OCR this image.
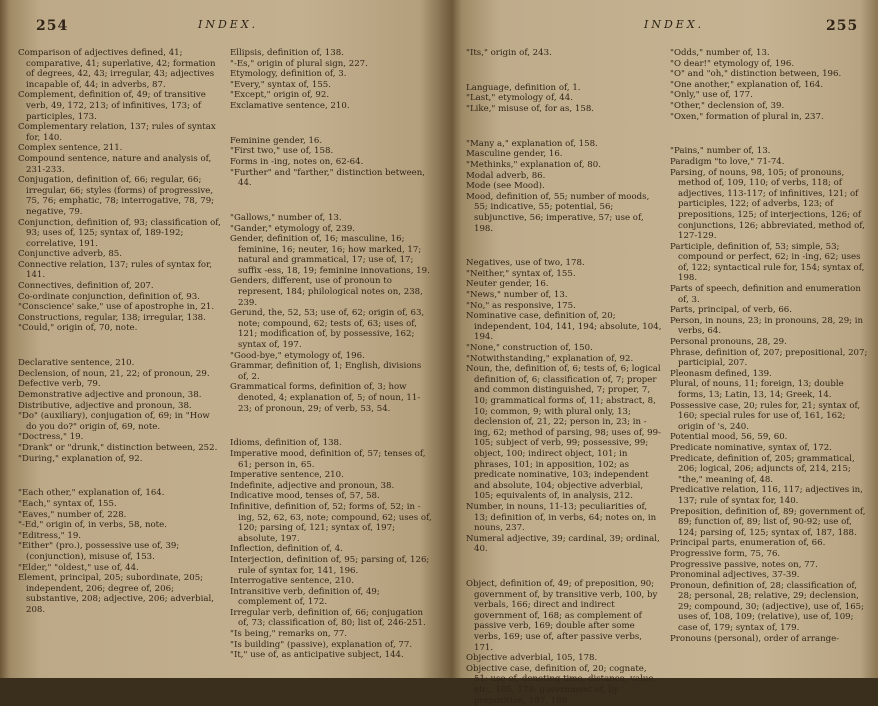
254	INDEX.

Comparison of adjectives defined, 41; comparative, 41; superlative, 42; formation of degrees, 42, 43; irregular, 43; adjectives incapable of, 44; in adverbs, 87.

Complement, definition of, 49; of transitive verb, 49, 172, 213; of infinitives, 173; of participles, 173.

Complementary relation, 137; rules of syntax for, 140.

Complex sentence, 211.

Compound sentence, nature and analysis of, 231-233.

Conjugation, definition of, 66; regular, 66; irregular, 66; styles (forms) of progressive, 75, 76; emphatic, 78; interrogative, 78, 79; negative, 79.

Conjunction, definition of, 93; classification of, 93; uses of, 125; syntax of, 189-192; correlative, 191.

Conjunctive adverb, 85.

Connective relation, 137; rules of syntax for, 141.

Connectives, definition of, 207.

Co-ordinate conjunction, definition of, 93.

"Conscience' sake," use of apostrophe in, 21.

Constructions, regular, 138; irregular, 138.

"Could," origin of, 70, note.

Declarative sentence, 210.

Declension, of noun, 21, 22; of pronoun, 29.

Defective verb, 79.

Demonstrative adjective and pronoun, 38.

Distributive, adjective and pronoun, 38.

"Do" (auxiliary), conjugation of, 69; in "How do you do?" origin of, 69, note.

"Doctress," 19.

"Drank" or "drunk," distinction between, 252.

"During," explanation of, 92.

"Each other," explanation of, 164.

"Each," syntax of, 155.

"Eaves," number of, 228.

"-Ed," origin of, in verbs, 58, note.

"Editress," 19.

"Either" (pro.), possessive use of, 39; (conjunction), misuse of, 153.

"Elder," "oldest," use of, 44.

Element, principal, 205; subordinate, 205; independent, 206; degree of, 206; substantive, 208; adjective, 206; adverbial, 208.

Ellipsis, definition of, 138.

"-Es," origin of plural sign, 227.

Etymology, definition of, 3.

"Every," syntax of, 155.

"Except," origin of, 92.

Exclamative sentence, 210.

Feminine gender, 16.

"First two," use of, 158.

Forms in -ing, notes on, 62-64.

"Further" and "farther," distinction between, 44.

"Gallows," number of, 13.

"Gander," etymology of, 239.

Gender, definition of, 16; masculine, 16; feminine, 16; neuter, 16; how marked, 17; natural and grammatical, 17; use of, 17; suffix -ess, 18, 19; feminine innovations, 19.

Genders, different, use of pronoun to represent, 184; philological notes on, 238, 239.

Gerund, the, 52, 53; use of, 62; origin of, 63, note; compound, 62; tests of, 63; uses of, 121; modification of, by possessive, 162; syntax of, 197.

"Good-bye," etymology of, 196.

Grammar, definition of, 1; English, divisions of, 2.

Grammatical forms, definition of, 3; how denoted, 4; explanation of, 5; of noun, 11-23; of pronoun, 29; of verb, 53, 54.

Idioms, definition of, 138.

Imperative mood, definition of, 57; tenses of, 61; person in, 65.

Imperative sentence, 210.

Indefinite, adjective and pronoun, 38.

Indicative mood, tenses of, 57, 58.

Infinitive, definition of, 52; forms of, 52; in -ing, 52, 62, 63, note; compound, 62; uses of, 120; parsing of, 121; syntax of, 197; absolute, 197.

Inflection, definition of, 4.

Interjection, definition of, 95; parsing of, 126; rule of syntax for, 141, 196.

Interrogative sentence, 210.

Intransitive verb, definition of, 49; complement of, 172.

Irregular verb, definition of, 66; conjugation of, 73; classification of, 80; list of, 246-251.

"Is being," remarks on, 77.

"Is building" (passive), explanation of, 77.

"It," use of, as anticipative subject, 144.

INDEX.	255

"Its," origin of, 243.

Language, definition of, 1.

"Last," etymology of, 44.

"Like," misuse of, for as, 158.

"Many a," explanation of, 158.

Masculine gender, 16.

"Methinks," explanation of, 80.

Modal adverb, 86.

Mode (see Mood).

Mood, definition of, 55; number of moods, 55; indicative, 55; potential, 56; subjunctive, 56; imperative, 57; use of, 198.

Negatives, use of two, 178.

"Neither," syntax of, 155.

Neuter gender, 16.

"News," number of, 13.

"No," as responsive, 175.

Nominative case, definition of, 20; independent, 104, 141, 194; absolute, 104, 194.

"None," construction of, 150.

"Notwithstanding," explanation of, 92.

Noun, the, definition of, 6; tests of, 6; logical definition of, 6; classification of, 7; proper and common distinguished, 7; proper, 7, 10; grammatical forms of, 11; abstract, 8, 10; common, 9; with plural only, 13; declension of, 21, 22; person in, 23; in -ing, 62; method of parsing, 98; uses of, 99-105; subject of verb, 99; possessive, 99; object, 100; indirect object, 101; in phrases, 101; in apposition, 102; as predicate nominative, 103; independent and absolute, 104; objective adverbial, 105; equivalents of, in analysis, 212.

Number, in nouns, 11-13; peculiarities of, 13; definition of, in verbs, 64; notes on, in nouns, 237.

Numeral adjective, 39; cardinal, 39; ordinal, 40.

Object, definition of, 49; of preposition, 90; government of, by transitive verb, 100, by verbals, 166; direct and indirect government of, 168; as complement of passive verb, 169; double after some verbs, 169; use of, after passive verbs, 171.

Objective adverbial, 105, 178.

Objective case, definition of, 20; cognate, 51; use of, denoting time, distance, value, etc., 105, 178; government of, by preposition, 187, 188.

"Odds," number of, 13.

"O dear!" etymology of, 196.

"O" and "oh," distinction between, 196.

"One another," explanation of, 164.

"Only," use of, 177.

"Other," declension of, 39.

"Oxen," formation of plural in, 237.

"Pains," number of, 13.

Paradigm "to love," 71-74.

Parsing, of nouns, 98, 105; of pronouns, method of, 109, 110; of verbs, 118; of adjectives, 113-117; of infinitives, 121; of participles, 122; of adverbs, 123; of prepositions, 125; of interjections, 126; of conjunctions, 126; abbreviated, method of, 127-129.

Participle, definition of, 53; simple, 53; compound or perfect, 62; in -ing, 62; uses of, 122; syntactical rule for, 154; syntax of, 198.

Parts of speech, definition and enumeration of, 3.

Parts, principal, of verb, 66.

Person, in nouns, 23; in pronouns, 28, 29; in verbs, 64.

Personal pronouns, 28, 29.

Phrase, definition of, 207; prepositional, 207; participial, 207.

Pleonasm defined, 139.

Plural, of nouns, 11; foreign, 13; double forms, 13; Latin, 13, 14; Greek, 14.

Possessive case, 20; rules for, 21; syntax of, 160; special rules for use of, 161, 162; origin of 's, 240.

Potential mood, 56, 59, 60.

Predicate nominative, syntax of, 172.

Predicate, definition of, 205; grammatical, 206; logical, 206; adjuncts of, 214, 215; "the," meaning of, 48.

Predicative relation, 116, 117; adjectives in, 137; rule of syntax for, 140.

Preposition, definition of, 89; government of, 89; function of, 89; list of, 90-92; use of, 124; parsing of, 125; syntax of, 187, 188.

Principal parts, enumeration of, 66.

Progressive form, 75, 76.

Progressive passive, notes on, 77.

Pronominal adjectives, 37-39.

Pronoun, definition of, 28; classification of, 28; personal, 28; relative, 29; declension, 29; compound, 30; (adjective), use of, 165; uses of, 108, 109; (relative), use of, 109; case of, 179; syntax of, 179.

Pronouns (personal), order of arrange-
